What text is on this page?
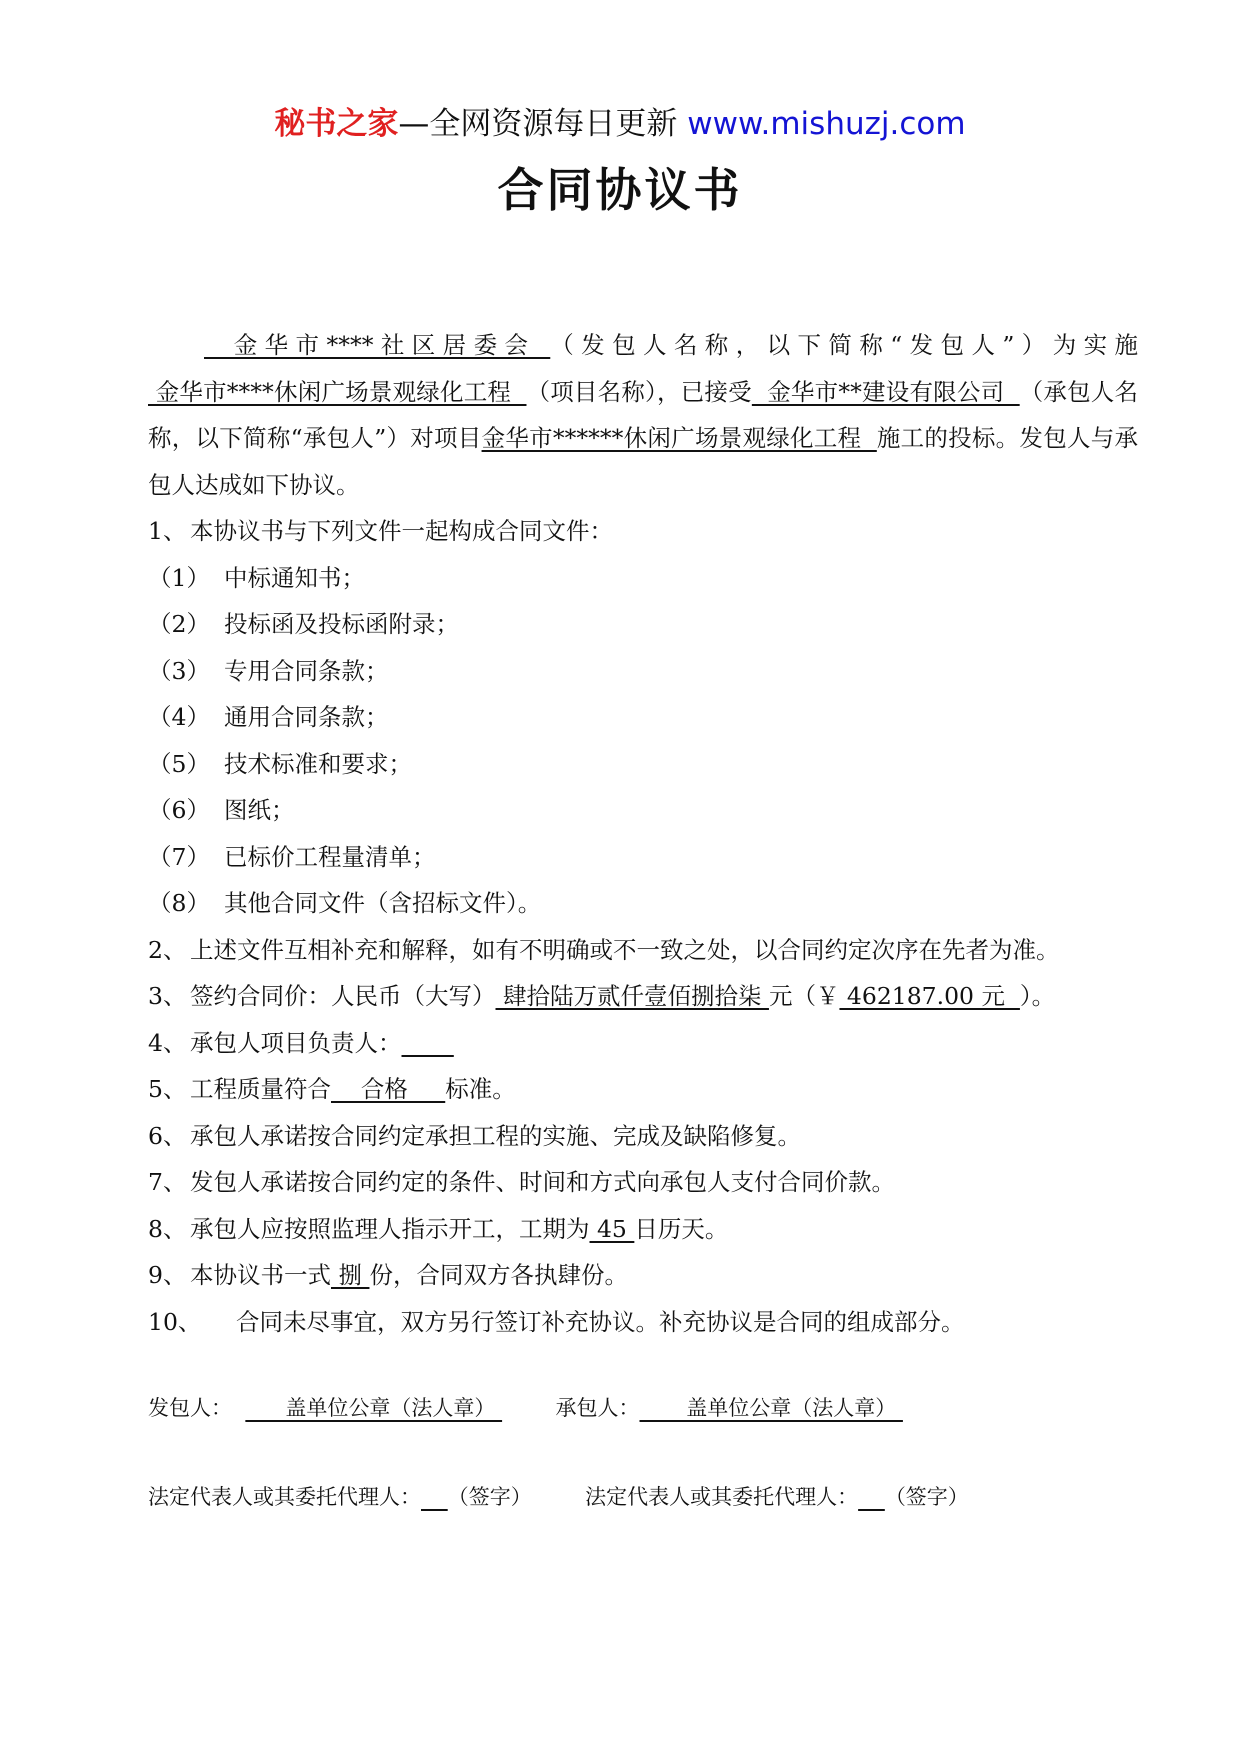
秘书之家—全网资源每日更新 www.mishuzj.com
合同协议书

金华市****社区居委会 （发包人名称，以下简称“发包人”）为实施 金华市****休闲广场景观绿化工程  （项目名称），已接受  金华市**建设有限公司  （承包人名称，以下简称“承包人”）对项目金华市******休闲广场景观绿化工程  施工的投标。发包人与承包人达成如下协议。

1、 本协议书与下列文件一起构成合同文件：
（1） 中标通知书；
（2） 投标函及投标函附录；
（3） 专用合同条款；
（4） 通用合同条款；
（5） 技术标准和要求；
（6） 图纸；
（7） 已标价工程量清单；
（8） 其他合同文件（含招标文件）。
2、 上述文件互相补充和解释，如有不明确或不一致之处，以合同约定次序在先者为准。
3、 签约合同价：人民币（大写） 肆拾陆万贰仟壹佰捌拾柒 元（￥ 462187.00 元 ）。
4、 承包人项目负责人：

5、 工程质量符合 合格 标准。
6、 承包人承诺按合同约定承担工程的实施、完成及缺陷修复。
7、 发包人承诺按合同约定的条件、时间和方式向承包人支付合同价款。
8、 承包人应按照监理人指示开工，工期为 45 日历天。
9、 本协议书一式 捌 份，合同双方各执肆份。
10、	合同未尽事宜，双方另行签订补充协议。补充协议是合同的组成部分。
发包人：        盖单位公章（法人章）	承包人：       盖单位公章（法人章）
法定代表人或其委托代理人： （签字）	法定代表人或其委托代理人： （签字）
